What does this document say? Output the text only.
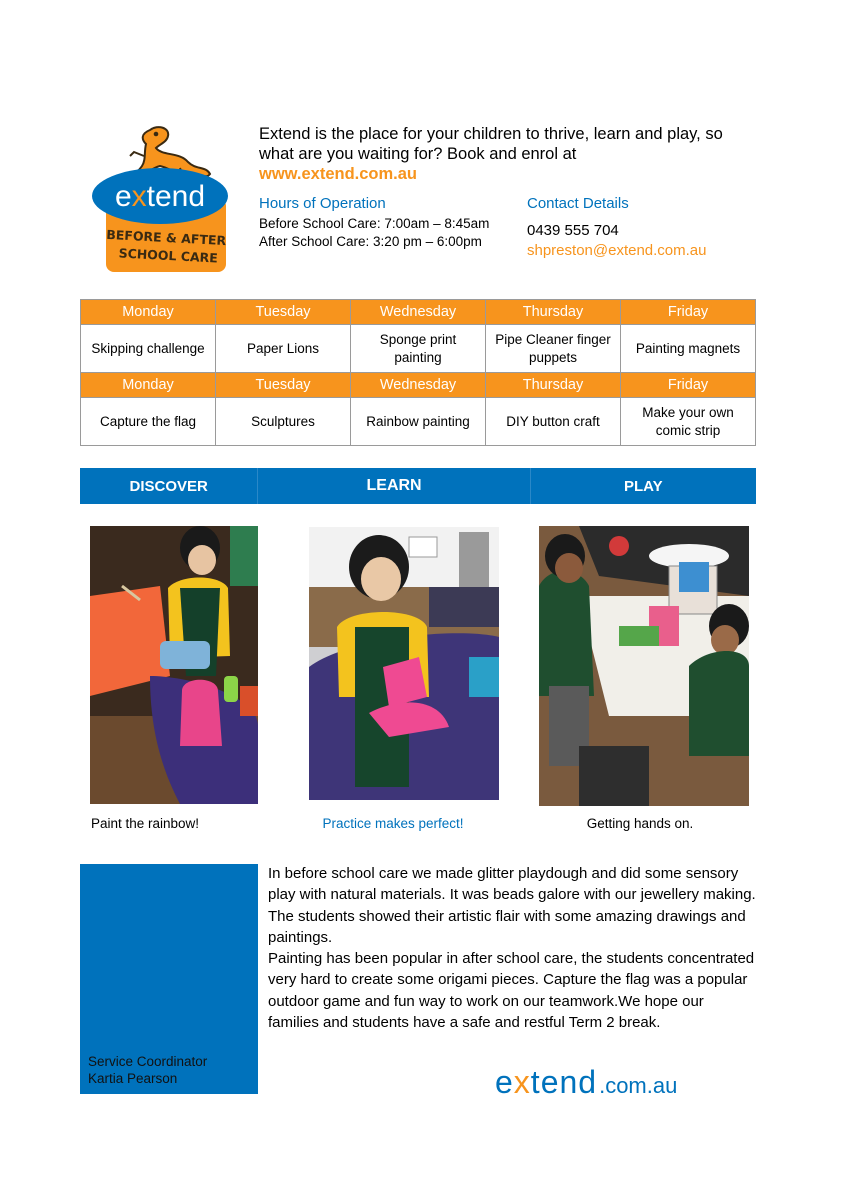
BEFORE & AFTER
SCHOOL CARE
extend
Extend is the place for your children to thrive, learn and play, so what are you waiting for? Book and enrol at
www.extend.com.au
Hours of Operation
Before School Care: 7:00am – 8:45am
After School Care: 3:20 pm – 6:00pm
Contact Details
0439 555 704
shpreston@extend.com.au
Monday	Tuesday	Wednesday	Thursday	Friday
Skipping challenge	Paper Lions	Sponge print painting	Pipe Cleaner finger puppets	Painting magnets
Monday	Tuesday	Wednesday	Thursday	Friday
Capture the flag	Sculptures	Rainbow painting	DIY button craft	Make your own comic strip
DISCOVER	LEARN	PLAY
Paint the rainbow!	Practice makes perfect!	Getting hands on.
Service Coordinator
Kartia Pearson
In before school care we made glitter playdough and did some sensory play with natural materials. It was beads galore with our jewellery making. The students showed their artistic flair with some amazing drawings and paintings.
Painting has been popular in after school care, the students concentrated very hard to create some origami pieces. Capture the flag was a popular outdoor game and fun way to work on our teamwork.We hope our families and students have a safe and restful Term 2 break.
extend.com.au
